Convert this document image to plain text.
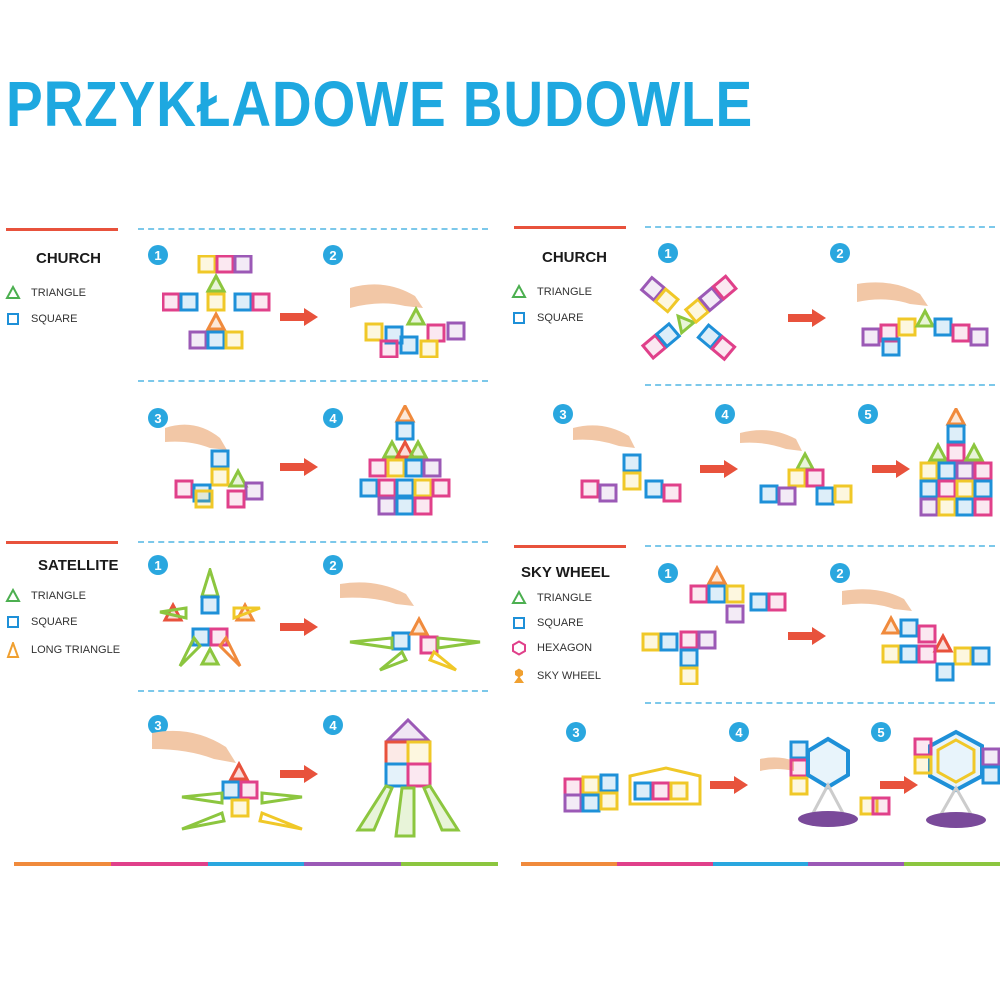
PRZYKŁADOWE BUDOWLE
CHURCH
TRIANGLE
SQUARE
1	2
3	4
CHURCH
TRIANGLE
SQUARE
1	2
3	4	5
SATELLITE
TRIANGLE
SQUARE
LONG TRIANGLE
1	2
3	4
SKY WHEEL
TRIANGLE
SQUARE
HEXAGON
SKY WHEEL
1	2
3	4	5
